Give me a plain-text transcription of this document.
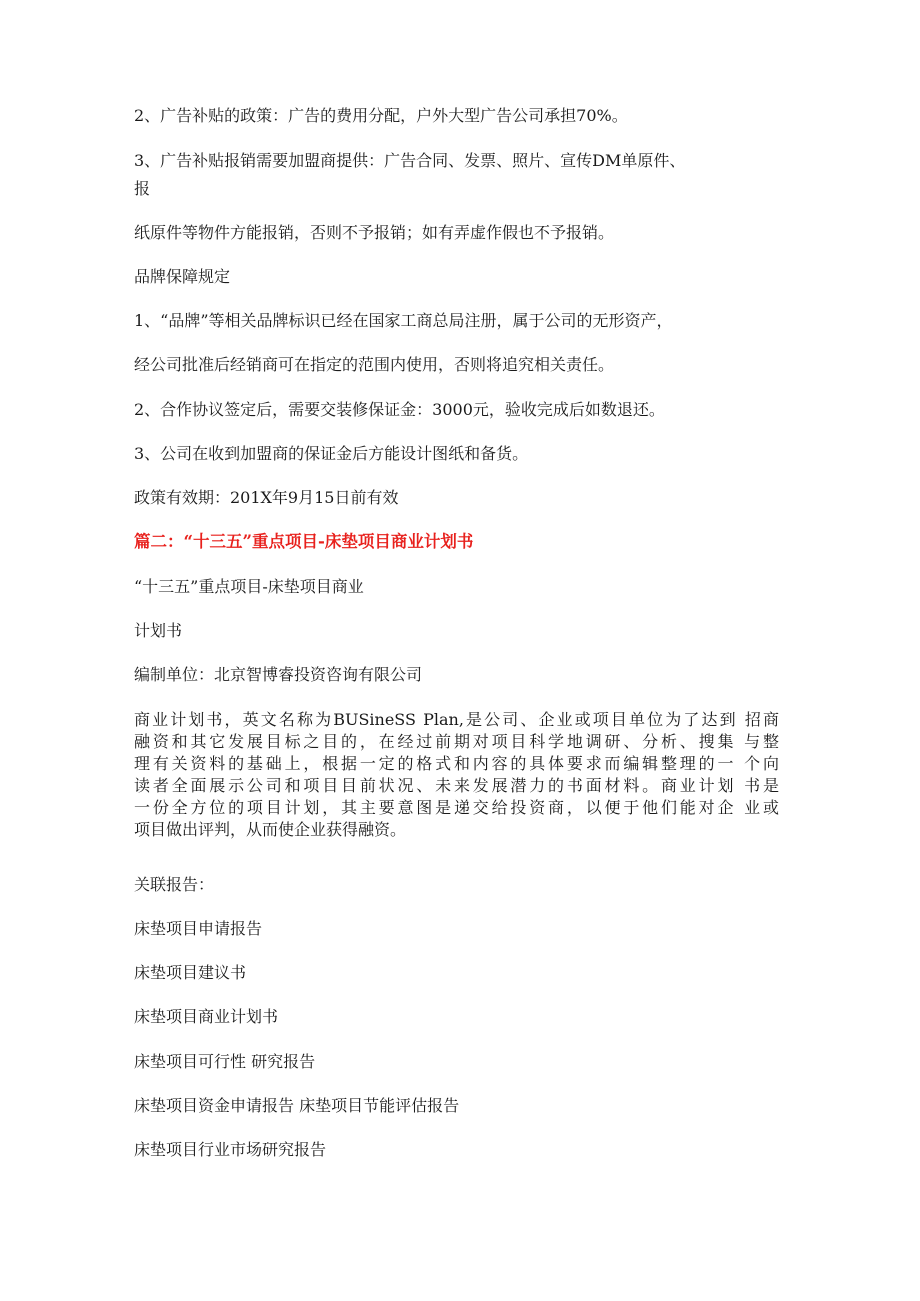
2、广告补贴的政策：广告的费用分配，户外大型广告公司承担70%。
3、广告补贴报销需要加盟商提供：广告合同、发票、照片、宣传DM单原件、
报
纸原件等物件方能报销，否则不予报销；如有弄虚作假也不予报销。
品牌保障规定
1、“品牌”等相关品牌标识已经在国家工商总局注册，属于公司的无形资产，
经公司批准后经销商可在指定的范围内使用，否则将追究相关责任。
2、合作协议签定后，需要交装修保证金：3000元，验收完成后如数退还。
3、公司在收到加盟商的保证金后方能设计图纸和备货。
政策有效期：201X年9月15日前有效
篇二：“十三五”重点项目-床垫项目商业计划书
“十三五”重点项目-床垫项目商业
计划书
编制单位：北京智博睿投资咨询有限公司
商业计划书，英文名称为BUSineSS Plan,是公司、企业或项目单位为了达到 招商
融资和其它发展目标之目的，在经过前期对项目科学地调研、分析、搜集 与整
理有关资料的基础上，根据一定的格式和内容的具体要求而编辑整理的一 个向
读者全面展示公司和项目目前状况、未来发展潜力的书面材料。商业计划 书是
一份全方位的项目计划，其主要意图是递交给投资商，以便于他们能对企 业或
项目做出评判，从而使企业获得融资。
关联报告：
床垫项目申请报告
床垫项目建议书
床垫项目商业计划书
床垫项目可行性 研究报告
床垫项目资金申请报告 床垫项目节能评估报告
床垫项目行业市场研究报告
